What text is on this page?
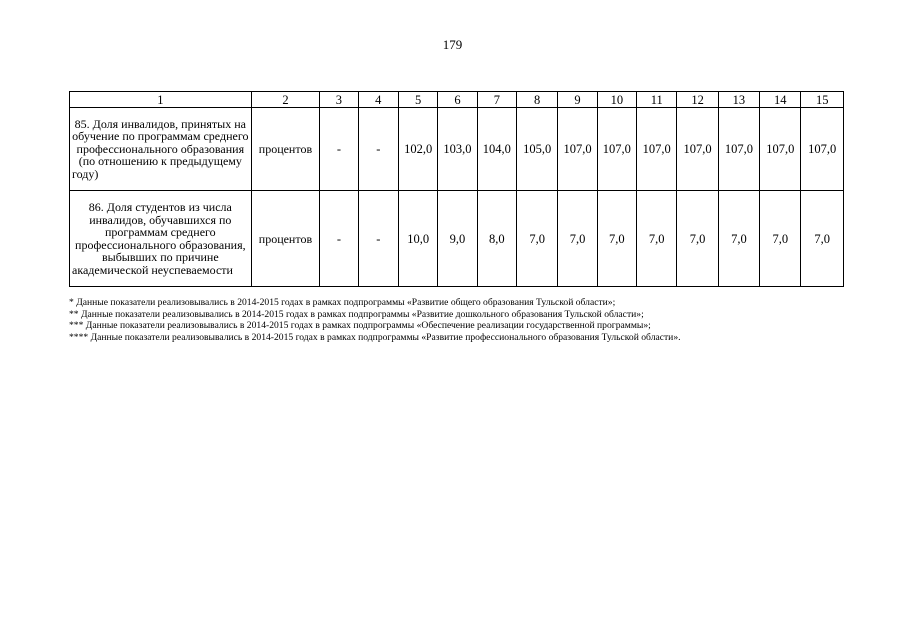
179
1	2	3	4	5	6	7	8	9	10	11	12	13	14	15
85. Доля инвалидов, принятых на обучение по программам среднего профессионального образования (по отношению к предыдущему году)	процентов	-	-	102,0	103,0	104,0	105,0	107,0	107,0	107,0	107,0	107,0	107,0	107,0
86. Доля студентов из числа инвалидов, обучавшихся по программам среднего профессионального образования, выбывших по причине академической неуспеваемости	процентов	-	-	10,0	9,0	8,0	7,0	7,0	7,0	7,0	7,0	7,0	7,0	7,0
* Данные показатели реализовывались в 2014-2015 годах в рамках подпрограммы «Развитие общего образования Тульской области»;
** Данные показатели реализовывались в 2014-2015 годах в рамках подпрограммы «Развитие дошкольного образования Тульской области»;
*** Данные показатели реализовывались в 2014-2015 годах в рамках подпрограммы «Обеспечение реализации государственной программы»;
**** Данные показатели реализовывались в 2014-2015 годах в рамках подпрограммы «Развитие профессионального образования Тульской области».
